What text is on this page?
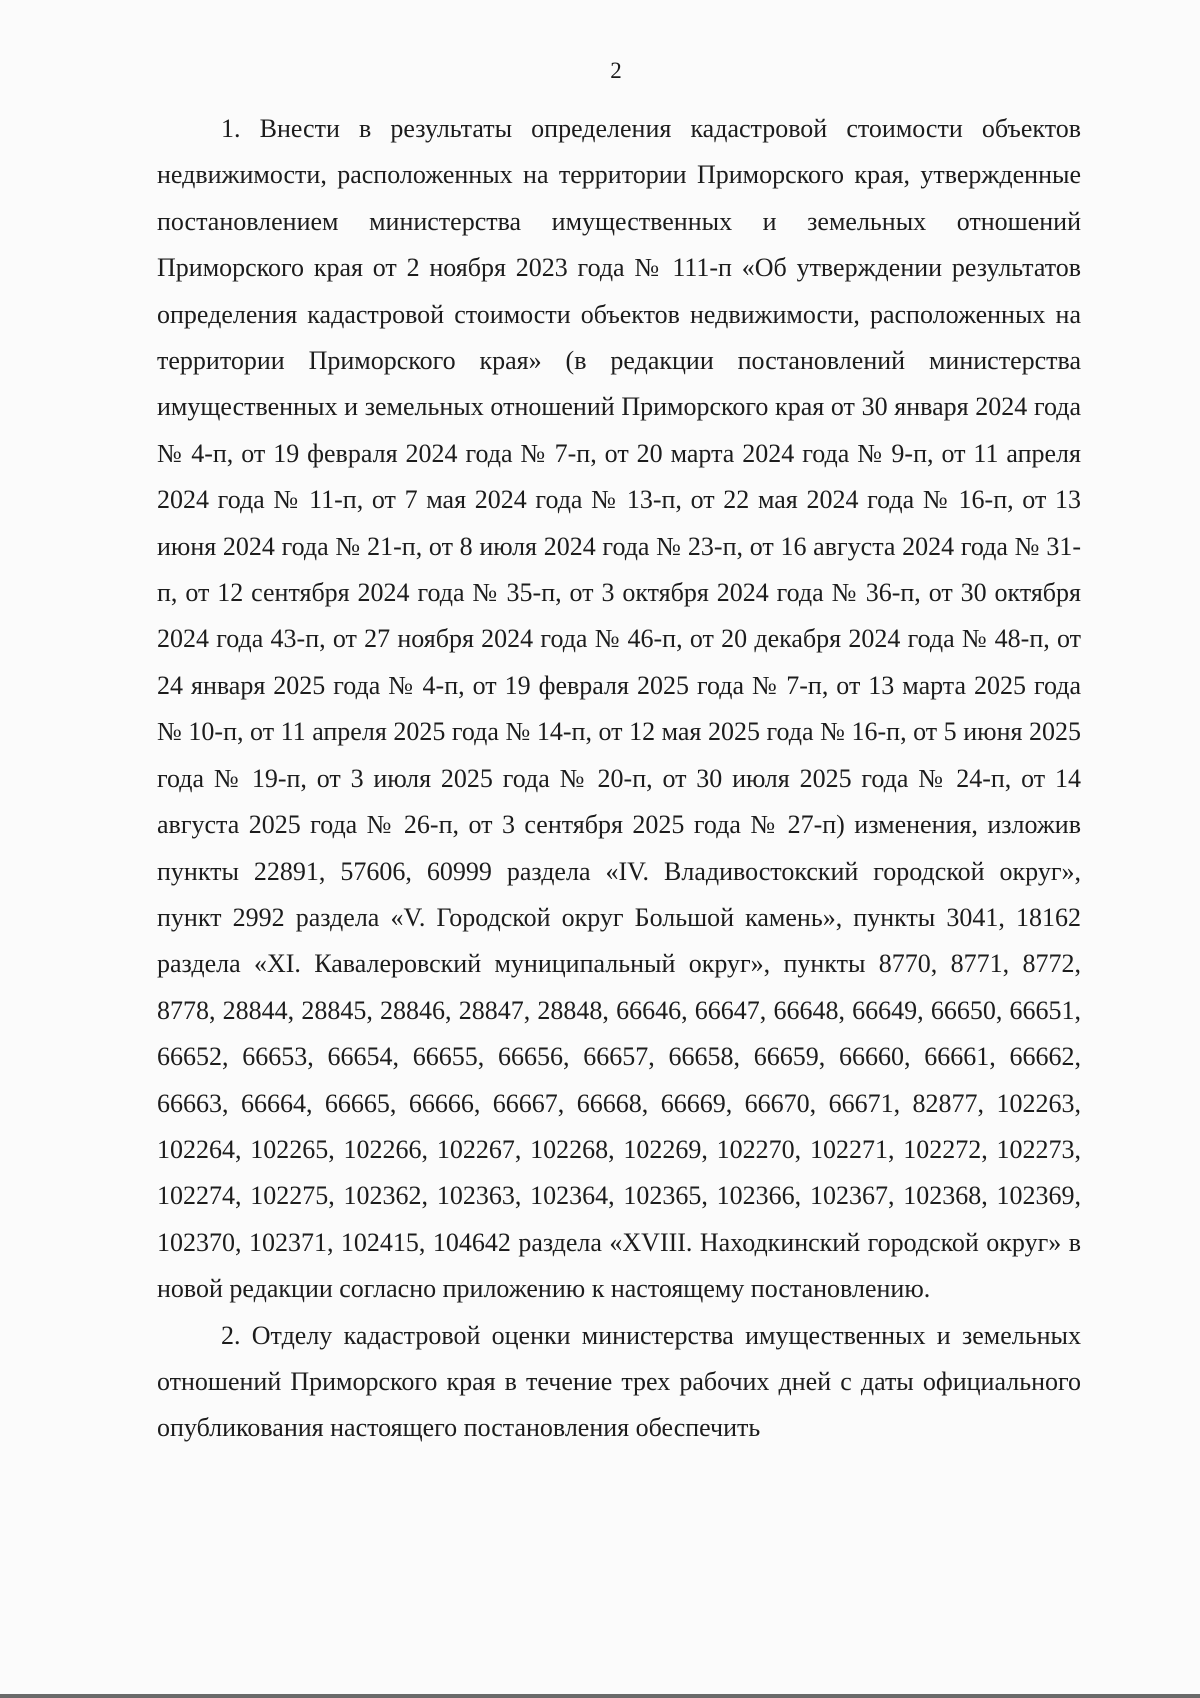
2

1. Внести в результаты определения кадастровой стоимости объектов недвижимости, расположенных на территории Приморского края, утвержденные постановлением министерства имущественных и земельных отношений Приморского края от 2 ноября 2023 года № 111-п «Об утверждении результатов определения кадастровой стоимости объектов недвижимости, расположенных на территории Приморского края» (в редакции постановлений министерства имущественных и земельных отношений Приморского края от 30 января 2024 года № 4-п, от 19 февраля 2024 года № 7-п, от 20 марта 2024 года № 9-п, от 11 апреля 2024 года № 11-п, от 7 мая 2024 года № 13-п, от 22 мая 2024 года № 16-п, от 13 июня 2024 года № 21-п, от 8 июля 2024 года № 23-п, от 16 августа 2024 года № 31-п, от 12 сентября 2024 года № 35-п, от 3 октября 2024 года № 36-п, от 30 октября 2024 года 43-п, от 27 ноября 2024 года № 46-п, от 20 декабря 2024 года № 48-п, от 24 января 2025 года № 4-п, от 19 февраля 2025 года № 7-п, от 13 марта 2025 года № 10-п, от 11 апреля 2025 года № 14-п, от 12 мая 2025 года № 16-п, от 5 июня 2025 года № 19-п, от 3 июля 2025 года № 20-п, от 30 июля 2025 года № 24-п, от 14 августа 2025 года № 26-п, от 3 сентября 2025 года № 27-п) изменения, изложив пункты 22891, 57606, 60999 раздела «IV. Владивостокский городской округ», пункт 2992 раздела «V. Городской округ Большой камень», пункты 3041, 18162 раздела «XI. Кавалеровский муниципальный округ», пункты 8770, 8771, 8772, 8778, 28844, 28845, 28846, 28847, 28848, 66646, 66647, 66648, 66649, 66650, 66651, 66652, 66653, 66654, 66655, 66656, 66657, 66658, 66659, 66660, 66661, 66662, 66663, 66664, 66665, 66666, 66667, 66668, 66669, 66670, 66671, 82877, 102263, 102264, 102265, 102266, 102267, 102268, 102269, 102270, 102271, 102272, 102273, 102274, 102275, 102362, 102363, 102364, 102365, 102366, 102367, 102368, 102369, 102370, 102371, 102415, 104642 раздела «XVIII. Находкинский городской округ» в новой редакции согласно приложению к настоящему постановлению.

2. Отделу кадастровой оценки министерства имущественных и земельных отношений Приморского края в течение трех рабочих дней с даты официального опубликования настоящего постановления обеспечить
